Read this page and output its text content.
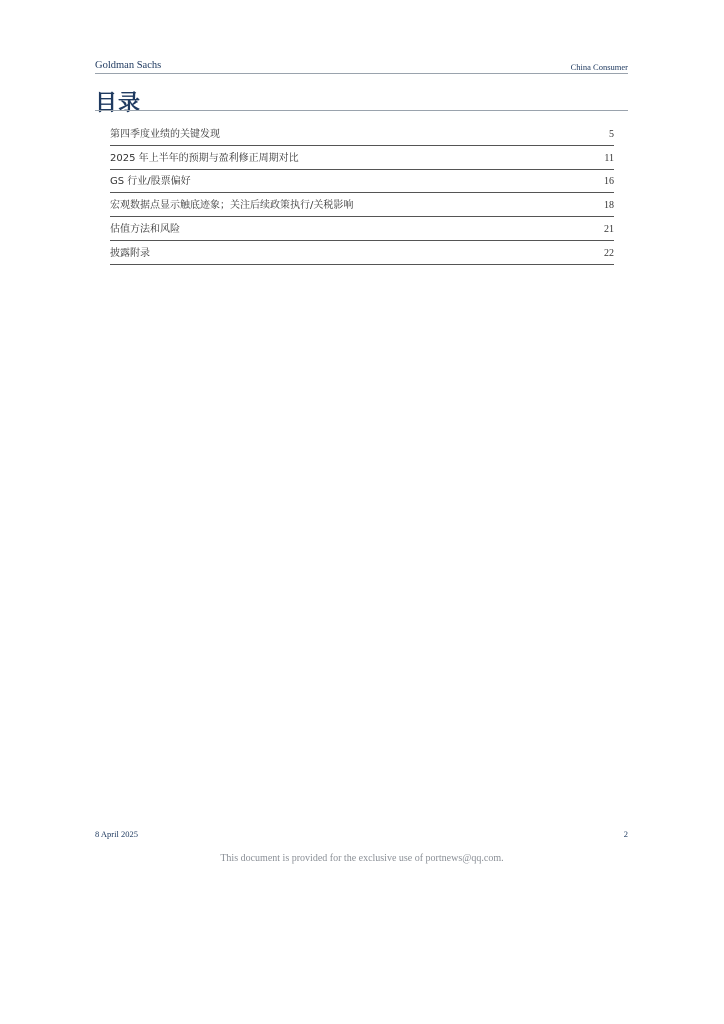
Goldman Sachs	China Consumer
目录
第四季度业绩的关键发现	5
2025 年上半年的预期与盈利修正周期对比	11
GS 行业/股票偏好	16
宏观数据点显示触底迹象；关注后续政策执行/关税影响	18
估值方法和风险	21
披露附录	22
8 April 2025	2
This document is provided for the exclusive use of portnews@qq.com.
